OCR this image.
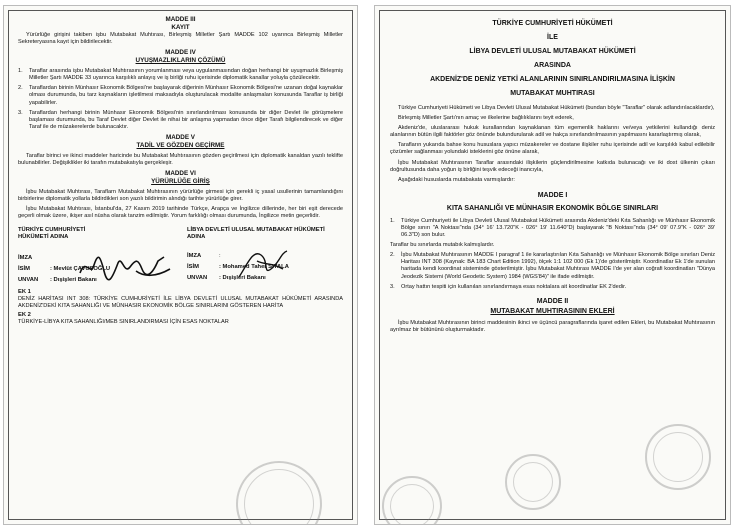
MADDE III
KAYIT
Yürürlüğe girişini takiben işbu Mutabakat Muhtırası, Birleşmiş Milletler Şartı MADDE 102 uyarınca Birleşmiş Milletler Sekreteryasına kayıt için bildirilecektir.
MADDE IV
UYUŞMAZLIKLARIN ÇÖZÜMÜ
1.	Taraflar arasında işbu Mutabakat Muhtırasının yorumlanması veya uygulanmasından doğan herhangi bir uyuşmazlık Birleşmiş Milletler Şartı MADDE 33 uyarınca karşılıklı anlayış ve iş birliği ruhu içerisinde diplomatik kanallar yoluyla çözülecektir.
2.	Taraflardan birinin Münhasır Ekonomik Bölgesi'ne başlayarak diğerinin Münhasır Ekonomik Bölgesi'ne uzanan doğal kaynaklar olması durumunda, bu tarz kaynakların işletilmesi maksadıyla oluşturulacak modalite anlaşmaları konusunda Taraflar iş birliği yapabilirler.
3.	Taraflardan herhangi birinin Münhasır Ekonomik Bölgesi'nin sınırlandırılması konusunda bir diğer Devlet ile görüşmelere başlaması durumunda, bu Taraf Devlet diğer Devlet ile nihai bir anlaşma yapmadan önce diğer Tarafı bilgilendirecek ve diğer Taraf ile de müzakerelerde bulunacaktır.
MADDE V
TADİL VE GÖZDEN GEÇİRME
Taraflar birinci ve ikinci maddeler haricinde bu Mutabakat Muhtırasının gözden geçirilmesi için diplomatik kanaldan yazılı teklifte bulunabilirler. Değişiklikler iki tarafın mutabakatıyla gerçekleşir.
MADDE VI
YÜRÜRLÜĞE GİRİŞ
İşbu Mutabakat Muhtırası, Taraflarn Mutabakat Muhtırasının yürürlüğe girmesi için gerekli iç yasal usullerinin tamamlandığını birbirlerine diplomatik yollarla bildirdikleri son yazılı bildirimin alındığı tarihte yürürlüğe girer.
İşbu Mutabakat Muhtırası, İstanbul'da, 27 Kasım 2019 tarihinde Türkçe, Arapça ve İngilizce dillerinde, her biri eşit derecede geçerli olmak üzere, ikişer asıl nüsha olarak tanzim edilmiştir. Yorum farklılığı olması durumunda, İngilizce metin geçerlidir.
TÜRKİYE CUMHURİYETİ
HÜKÜMETİ ADINA
İMZA
İSİM	: Mevlüt ÇAVUŞOĞLU
UNVAN	: Dışişleri Bakanı
LİBYA DEVLETİ ULUSAL MUTABAKAT HÜKÜMETİ ADINA
İMZA	:
İSİM	: Mohamed Taher SIYALA
UNVAN	: Dışişleri Bakanı
EK 1
DENİZ HARİTASI INT 308: TÜRKİYE CUMHURİYETİ İLE LİBYA DEVLETİ ULUSAL MUTABAKAT HÜKÜMETİ ARASINDA AKDENİZ'DEKİ KITA SAHANLIĞI VE MÜNHASIR EKONOMİK BÖLGE SINIRLARINI GÖSTEREN HARİTA
EK 2
TÜRKİYE-LİBYA KITA SAHANLIĞI/MEB SINIRLANDIRMASI İÇİN ESAS NOKTALAR
TÜRKİYE CUMHURİYETİ HÜKÜMETİ
İLE
LİBYA DEVLETİ ULUSAL MUTABAKAT HÜKÜMETİ
ARASINDA
AKDENİZ'DE DENİZ YETKİ ALANLARININ SINIRLANDIRILMASINA İLİŞKİN
MUTABAKAT MUHTIRASI
Türkiye Cumhuriyeti Hükümeti ve Libya Devleti Ulusal Mutabakat Hükümeti (bundan böyle "Taraflar" olarak adlandırılacaklardır),
Birleşmiş Milletler Şartı'nın amaç ve ilkelerine bağlılıklarını teyit ederek,
Akdeniz'de, uluslararası hukuk kurallarından kaynaklanan tüm egemenlik haklarını ve/veya yetkilerini kullandığı deniz alanlarının bütün ilgili faktörler göz önünde bulundurularak adil ve hakça sınırlandırılmasının yapılmasını kararlaştırmış olarak,
Tarafların yukarıda bahse konu hususlara yapıcı müzakereler ve dostane ilişkiler ruhu içerisinde adil ve karşılıklı kabul edilebilir çözümler sağlanması yolundaki isteklerini göz önüne alarak,
İşbu Mutabakat Muhtırasının Taraflar arasındaki ilişkilerin güçlendirilmesine katkıda bulunacağı ve iki dost ülkenin çıkarı doğrultusunda daha yoğun iş birliğini teşvik edeceği inancıyla,
Aşağıdaki hususlarda mutabakata varmışlardır:
MADDE I
KITA SAHANLIĞI VE MÜNHASIR EKONOMİK BÖLGE SINIRLARI
1.	Türkiye Cumhuriyeti ile Libya Devleti Ulusal Mutabakat Hükümeti arasında Akdeniz'deki Kıta Sahanlığı ve Münhasır Ekonomik Bölge sınırı "A Noktası"nda (34° 16' 13.720"K - 026° 19' 11.640"D) başlayarak "B Noktası"nda (34° 09' 07.9"K - 026° 39' 06.3"D) son bulur.
Taraflar bu sınırlarda mutabık kalmışlardır.
2.	İşbu Mutabakat Muhtırasının MADDE I paragraf 1 ile kararlaştırılan Kıta Sahanlığı ve Münhasır Ekonomik Bölge sınırları Deniz Haritası INT 308 (Kaynak: BA 183 Chart Edition 1992), ölçek 1:1 102 000 (Ek 1)'de gösterilmiştir. Koordinatlar Ek 1'de sunulan haritada kendi koordinat sisteminde gösterilmiştir. İşbu Mutabakat Muhtırası MADDE I'de yer alan coğrafi koordinatları "Dünya Jeodezik Sistemi (World Geodetic System) 1984 (WGS'84)" ile ifade edilmiştir.
3.	Ortay hattın tespiti için kullanılan sınırlandırmaya esas noktalara ait koordinatlar EK 2'dedir.
MADDE II
MUTABAKAT MUHTIRASININ EKLERİ
İşbu Mutabakat Muhtırasının birinci maddesinin ikinci ve üçüncü paragraflarında işaret edilen Ekleri, bu Mutabakat Muhtırasının ayrılmaz bir bütününü oluşturmaktadır.
